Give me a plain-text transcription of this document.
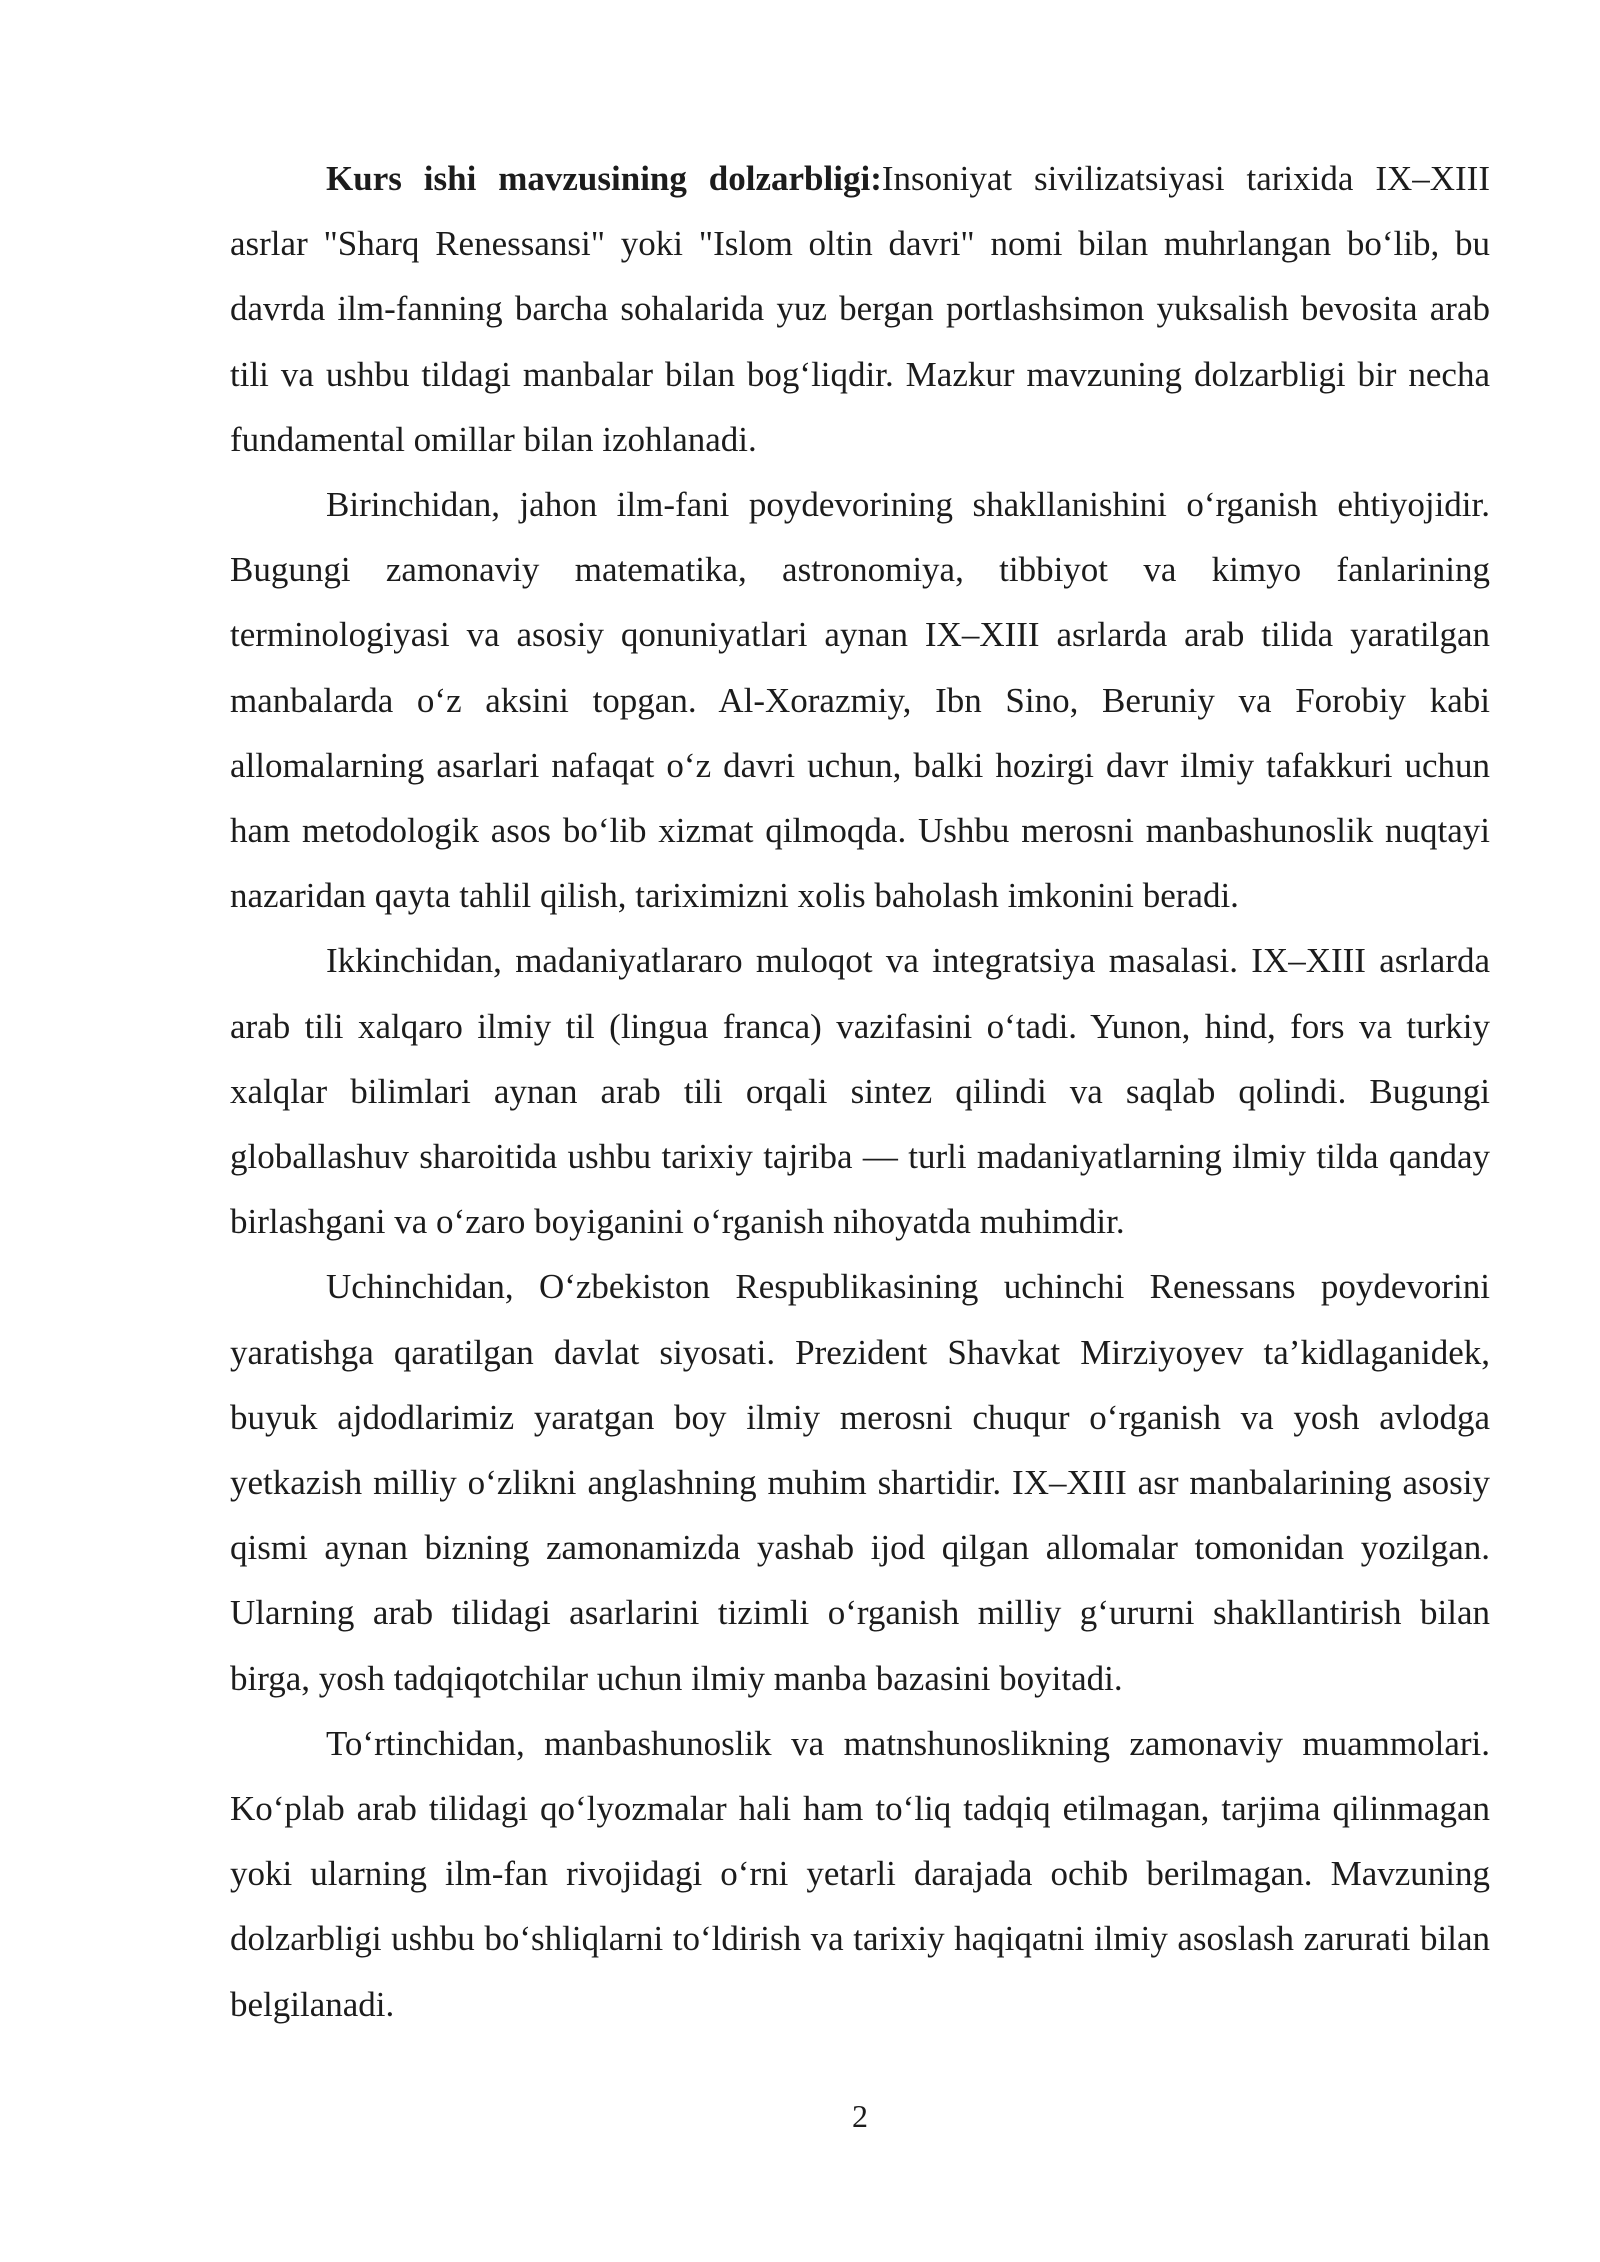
Kurs ishi mavzusining dolzarbligi:Insoniyat sivilizatsiyasi tarixida IX–XIII asrlar "Sharq Renessansi" yoki "Islom oltin davri" nomi bilan muhrlangan bo‘lib, bu davrda ilm-fanning barcha sohalarida yuz bergan portlashsimon yuksalish bevosita arab tili va ushbu tildagi manbalar bilan bog‘liqdir. Mazkur mavzuning dolzarbligi bir necha fundamental omillar bilan izohlanadi.

Birinchidan, jahon ilm-fani poydevorining shakllanishini o‘rganish ehtiyojidir. Bugungi zamonaviy matematika, astronomiya, tibbiyot va kimyo fanlarining terminologiyasi va asosiy qonuniyatlari aynan IX–XIII asrlarda arab tilida yaratilgan manbalarda o‘z aksini topgan. Al-Xorazmiy, Ibn Sino, Beruniy va Forobiy kabi allomalarning asarlari nafaqat o‘z davri uchun, balki hozirgi davr ilmiy tafakkuri uchun ham metodologik asos bo‘lib xizmat qilmoqda. Ushbu merosni manbashunoslik nuqtayi nazaridan qayta tahlil qilish, tariximizni xolis baholash imkonini beradi.

Ikkinchidan, madaniyatlararo muloqot va integratsiya masalasi. IX–XIII asrlarda arab tili xalqaro ilmiy til (lingua franca) vazifasini o‘tadi. Yunon, hind, fors va turkiy xalqlar bilimlari aynan arab tili orqali sintez qilindi va saqlab qolindi. Bugungi globallashuv sharoitida ushbu tarixiy tajriba — turli madaniyatlarning ilmiy tilda qanday birlashgani va o‘zaro boyiganini o‘rganish nihoyatda muhimdir.

Uchinchidan, O‘zbekiston Respublikasining uchinchi Renessans poydevorini yaratishga qaratilgan davlat siyosati. Prezident Shavkat Mirziyoyev ta’kidlaganidek, buyuk ajdodlarimiz yaratgan boy ilmiy merosni chuqur o‘rganish va yosh avlodga yetkazish milliy o‘zlikni anglashning muhim shartidir. IX–XIII asr manbalarining asosiy qismi aynan bizning zamonamizda yashab ijod qilgan allomalar tomonidan yozilgan. Ularning arab tilidagi asarlarini tizimli o‘rganish milliy g‘ururni shakllantirish bilan birga, yosh tadqiqotchilar uchun ilmiy manba bazasini boyitadi.

To‘rtinchidan, manbashunoslik va matnshunoslikning zamonaviy muammolari. Ko‘plab arab tilidagi qo‘lyozmalar hali ham to‘liq tadqiq etilmagan, tarjima qilinmagan yoki ularning ilm-fan rivojidagi o‘rni yetarli darajada ochib berilmagan. Mavzuning dolzarbligi ushbu bo‘shliqlarni to‘ldirish va tarixiy haqiqatni ilmiy asoslash zarurati bilan belgilanadi.

2
